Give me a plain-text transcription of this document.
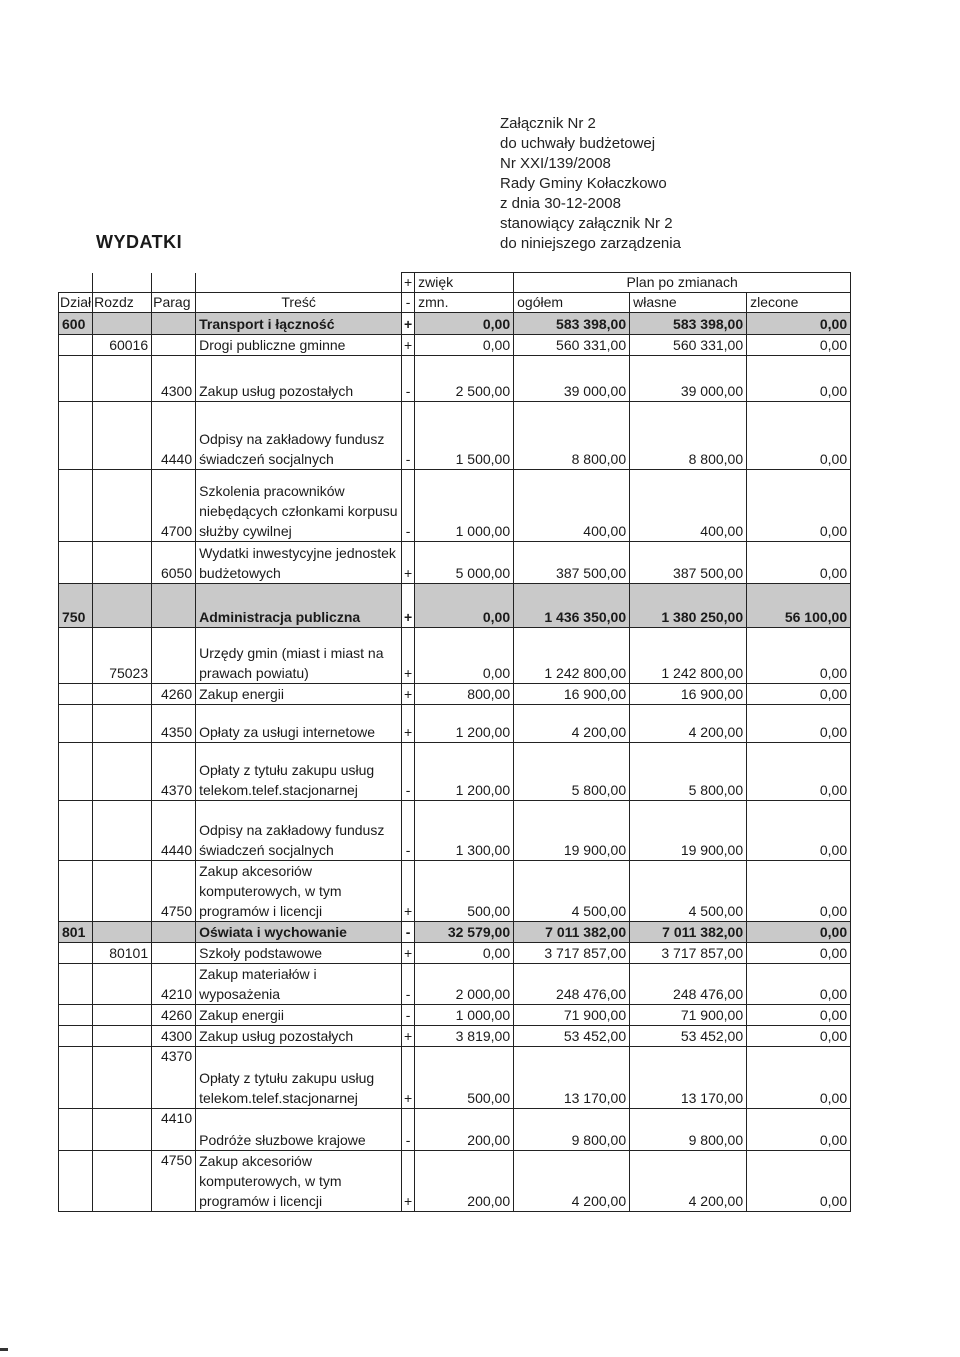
Załącznik Nr 2
do uchwały budżetowej
Nr XXI/139/2008
Rady Gminy Kołaczkowo
z dnia 30-12-2008
stanowiący załącznik Nr 2
do niniejszego zarządzenia
WYDATKI
				+	zwięk	Plan po zmianach		
Dział	Rozdz	Parag	Treść	-	zmn.	ogółem	własne	zlecone
600			Transport i łączność	+	0,00	583 398,00	583 398,00	0,00
	60016		Drogi publiczne gminne	+	0,00	560 331,00	560 331,00	0,00
		4300	Zakup usług pozostałych	-	2 500,00	39 000,00	39 000,00	0,00
		4440	Odpisy na zakładowy fundusz świadczeń socjalnych	-	1 500,00	8 800,00	8 800,00	0,00
		4700	Szkolenia pracowników niebędących członkami korpusu służby cywilnej	-	1 000,00	400,00	400,00	0,00
		6050	Wydatki inwestycyjne jednostek budżetowych	+	5 000,00	387 500,00	387 500,00	0,00
750			Administracja publiczna	+	0,00	1 436 350,00	1 380 250,00	56 100,00
	75023		Urzędy gmin (miast i miast na prawach powiatu)	+	0,00	1 242 800,00	1 242 800,00	0,00
		4260	Zakup energii	+	800,00	16 900,00	16 900,00	0,00
		4350	Opłaty za usługi internetowe	+	1 200,00	4 200,00	4 200,00	0,00
		4370	Opłaty z tytułu zakupu usług telekom.telef.stacjonarnej	-	1 200,00	5 800,00	5 800,00	0,00
		4440	Odpisy na zakładowy fundusz świadczeń socjalnych	-	1 300,00	19 900,00	19 900,00	0,00
		4750	Zakup akcesoriów komputerowych, w tym programów i licencji	+	500,00	4 500,00	4 500,00	0,00
801			Oświata i wychowanie	-	32 579,00	7 011 382,00	7 011 382,00	0,00
	80101		Szkoły podstawowe	+	0,00	3 717 857,00	3 717 857,00	0,00
		4210	Zakup materiałów i wyposażenia	-	2 000,00	248 476,00	248 476,00	0,00
		4260	Zakup energii	-	1 000,00	71 900,00	71 900,00	0,00
		4300	Zakup usług pozostałych	+	3 819,00	53 452,00	53 452,00	0,00
		4370	Opłaty z tytułu zakupu usług telekom.telef.stacjonarnej	+	500,00	13 170,00	13 170,00	0,00
		4410	Podróże słuzbowe krajowe	-	200,00	9 800,00	9 800,00	0,00
		4750	Zakup akcesoriów komputerowych, w tym programów i licencji	+	200,00	4 200,00	4 200,00	0,00
